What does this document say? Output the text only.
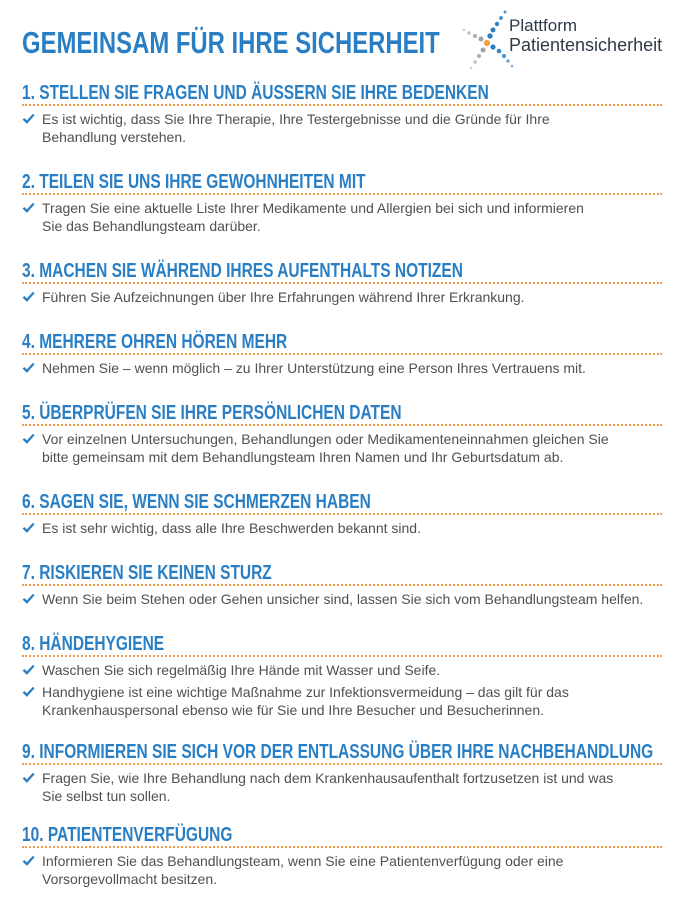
GEMEINSAM FÜR IHRE SICHERHEIT	Plattform
Patientensicherheit
1. STELLEN SIE FRAGEN UND ÄUSSERN SIE IHRE BEDENKEN
Es ist wichtig, dass Sie Ihre Therapie, Ihre Testergebnisse und die Gründe für Ihre
Behandlung verstehen.
2. TEILEN SIE UNS IHRE GEWOHNHEITEN MIT
Tragen Sie eine aktuelle Liste Ihrer Medikamente und Allergien bei sich und informieren
Sie das Behandlungsteam darüber.
3. MACHEN SIE WÄHREND IHRES AUFENTHALTS NOTIZEN
Führen Sie Aufzeichnungen über Ihre Erfahrungen während Ihrer Erkrankung.
4. MEHRERE OHREN HÖREN MEHR
Nehmen Sie – wenn möglich – zu Ihrer Unterstützung eine Person Ihres Vertrauens mit.
5. ÜBERPRÜFEN SIE IHRE PERSÖNLICHEN DATEN
Vor einzelnen Untersuchungen, Behandlungen oder Medikamenteneinnahmen gleichen Sie
bitte gemeinsam mit dem Behandlungsteam Ihren Namen und Ihr Geburtsdatum ab.
6. SAGEN SIE, WENN SIE SCHMERZEN HABEN
Es ist sehr wichtig, dass alle Ihre Beschwerden bekannt sind.
7. RISKIEREN SIE KEINEN STURZ
Wenn Sie beim Stehen oder Gehen unsicher sind, lassen Sie sich vom Behandlungsteam helfen.
8. HÄNDEHYGIENE
Waschen Sie sich regelmäßig Ihre Hände mit Wasser und Seife.
Handhygiene ist eine wichtige Maßnahme zur Infektionsvermeidung – das gilt für das
Krankenhauspersonal ebenso wie für Sie und Ihre Besucher und Besucherinnen.
9. INFORMIEREN SIE SICH VOR DER ENTLASSUNG ÜBER IHRE NACHBEHANDLUNG
Fragen Sie, wie Ihre Behandlung nach dem Krankenhausaufenthalt fortzusetzen ist und was
Sie selbst tun sollen.
10. PATIENTENVERFÜGUNG
Informieren Sie das Behandlungsteam, wenn Sie eine Patientenverfügung oder eine
Vorsorgevollmacht besitzen.
